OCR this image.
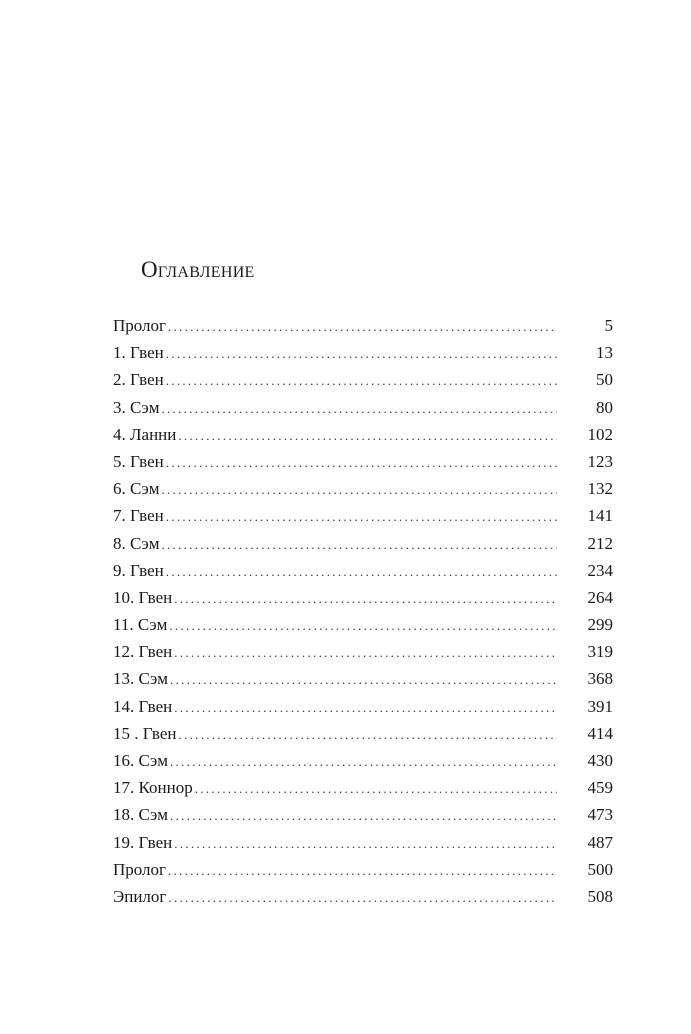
Оглавление
Пролог .....	5
1. Гвен .....	13
2. Гвен .....	50
3. Сэм .....	80
4. Ланни .....	102
5. Гвен .....	123
6. Сэм .....	132
7. Гвен .....	141
8. Сэм .....	212
9. Гвен .....	234
10. Гвен .....	264
11. Сэм .....	299
12. Гвен .....	319
13. Сэм .....	368
14. Гвен .....	391
15 . Гвен .....	414
16. Сэм .....	430
17. Коннор .....	459
18. Сэм .....	473
19. Гвен .....	487
Пролог .....	500
Эпилог .....	508
